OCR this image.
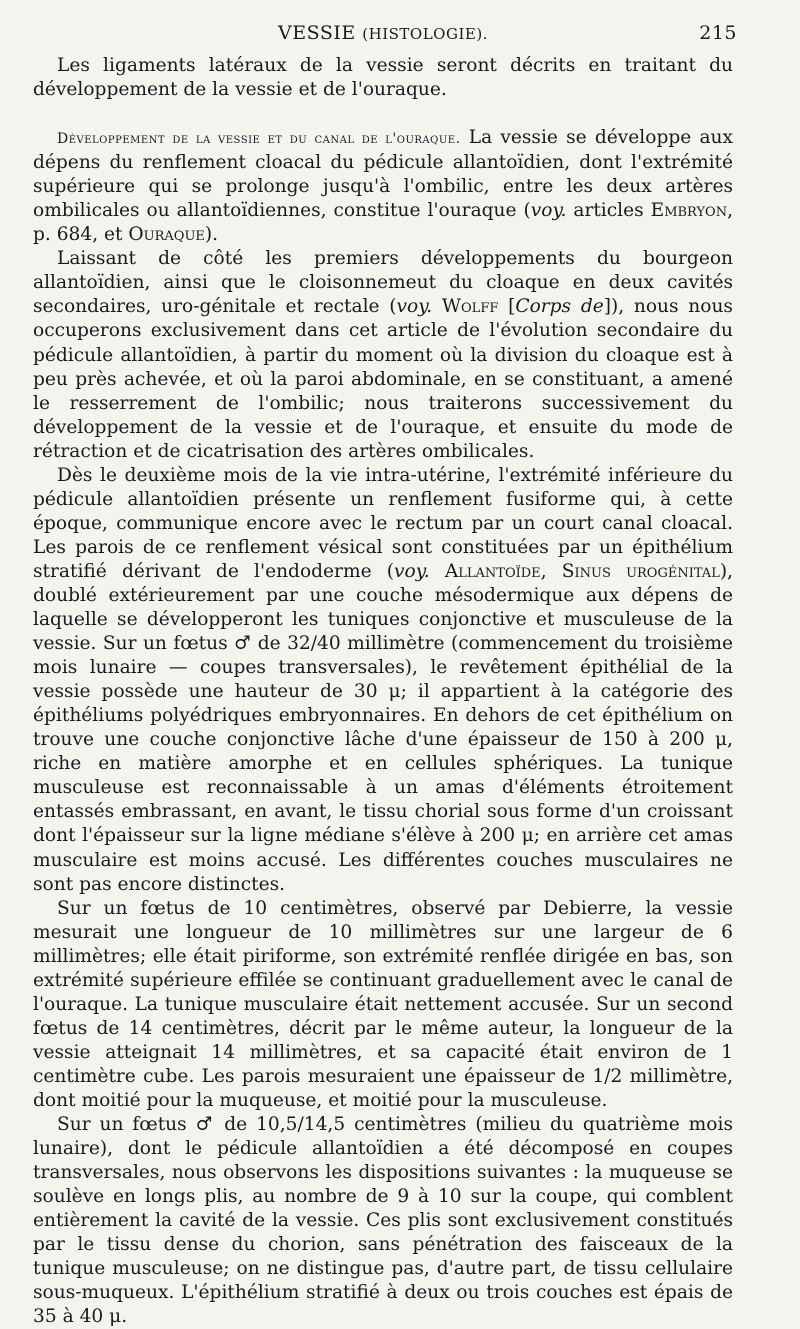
VESSIE (HISTOLOGIE).	215

Les ligaments latéraux de la vessie seront décrits en traitant du développement de la vessie et de l'ouraque.

Développement de la vessie et du canal de l'ouraque. La vessie se développe aux dépens du renflement cloacal du pédicule allantoïdien, dont l'extrémité supérieure qui se prolonge jusqu'à l'ombilic, entre les deux artères ombilicales ou allantoïdiennes, constitue l'ouraque (voy. articles Embryon, p. 684, et Ouraque).

Laissant de côté les premiers développements du bourgeon allantoïdien, ainsi que le cloisonnemeut du cloaque en deux cavités secondaires, uro-génitale et rectale (voy. Wolff [Corps de]), nous nous occuperons exclusivement dans cet article de l'évolution secondaire du pédicule allantoïdien, à partir du moment où la division du cloaque est à peu près achevée, et où la paroi abdominale, en se constituant, a amené le resserrement de l'ombilic; nous traiterons successivement du développement de la vessie et de l'ouraque, et ensuite du mode de rétraction et de cicatrisation des artères ombilicales.

Dès le deuxième mois de la vie intra-utérine, l'extrémité inférieure du pédicule allantoïdien présente un renflement fusiforme qui, à cette époque, communique encore avec le rectum par un court canal cloacal. Les parois de ce renflement vésical sont constituées par un épithélium stratifié dérivant de l'endoderme (voy. Allantoïde, Sinus urogénital), doublé extérieurement par une couche mésodermique aux dépens de laquelle se développeront les tuniques conjonctive et musculeuse de la vessie. Sur un fœtus ♂ de 32/40 millimètre (commencement du troisième mois lunaire — coupes transversales), le revêtement épithélial de la vessie possède une hauteur de 30 μ; il appartient à la catégorie des épithéliums polyédriques embryonnaires. En dehors de cet épithélium on trouve une couche conjonctive lâche d'une épaisseur de 150 à 200 μ, riche en matière amorphe et en cellules sphériques. La tunique musculeuse est reconnaissable à un amas d'éléments étroitement entassés embrassant, en avant, le tissu chorial sous forme d'un croissant dont l'épaisseur sur la ligne médiane s'élève à 200 μ; en arrière cet amas musculaire est moins accusé. Les différentes couches musculaires ne sont pas encore distinctes.

Sur un fœtus de 10 centimètres, observé par Debierre, la vessie mesurait une longueur de 10 millimètres sur une largeur de 6 millimètres; elle était piriforme, son extrémité renflée dirigée en bas, son extrémité supérieure effilée se continuant graduellement avec le canal de l'ouraque. La tunique musculaire était nettement accusée. Sur un second fœtus de 14 centimètres, décrit par le même auteur, la longueur de la vessie atteignait 14 millimètres, et sa capacité était environ de 1 centimètre cube. Les parois mesuraient une épaisseur de 1/2 millimètre, dont moitié pour la muqueuse, et moitié pour la musculeuse.

Sur un fœtus ♂ de 10,5/14,5 centimètres (milieu du quatrième mois lunaire), dont le pédicule allantoïdien a été décomposé en coupes transversales, nous observons les dispositions suivantes : la muqueuse se soulève en longs plis, au nombre de 9 à 10 sur la coupe, qui comblent entièrement la cavité de la vessie. Ces plis sont exclusivement constitués par le tissu dense du chorion, sans pénétration des faisceaux de la tunique musculeuse; on ne distingue pas, d'autre part, de tissu cellulaire sous-muqueux. L'épithélium stratifié à deux ou trois couches est épais de 35 à 40 μ.
